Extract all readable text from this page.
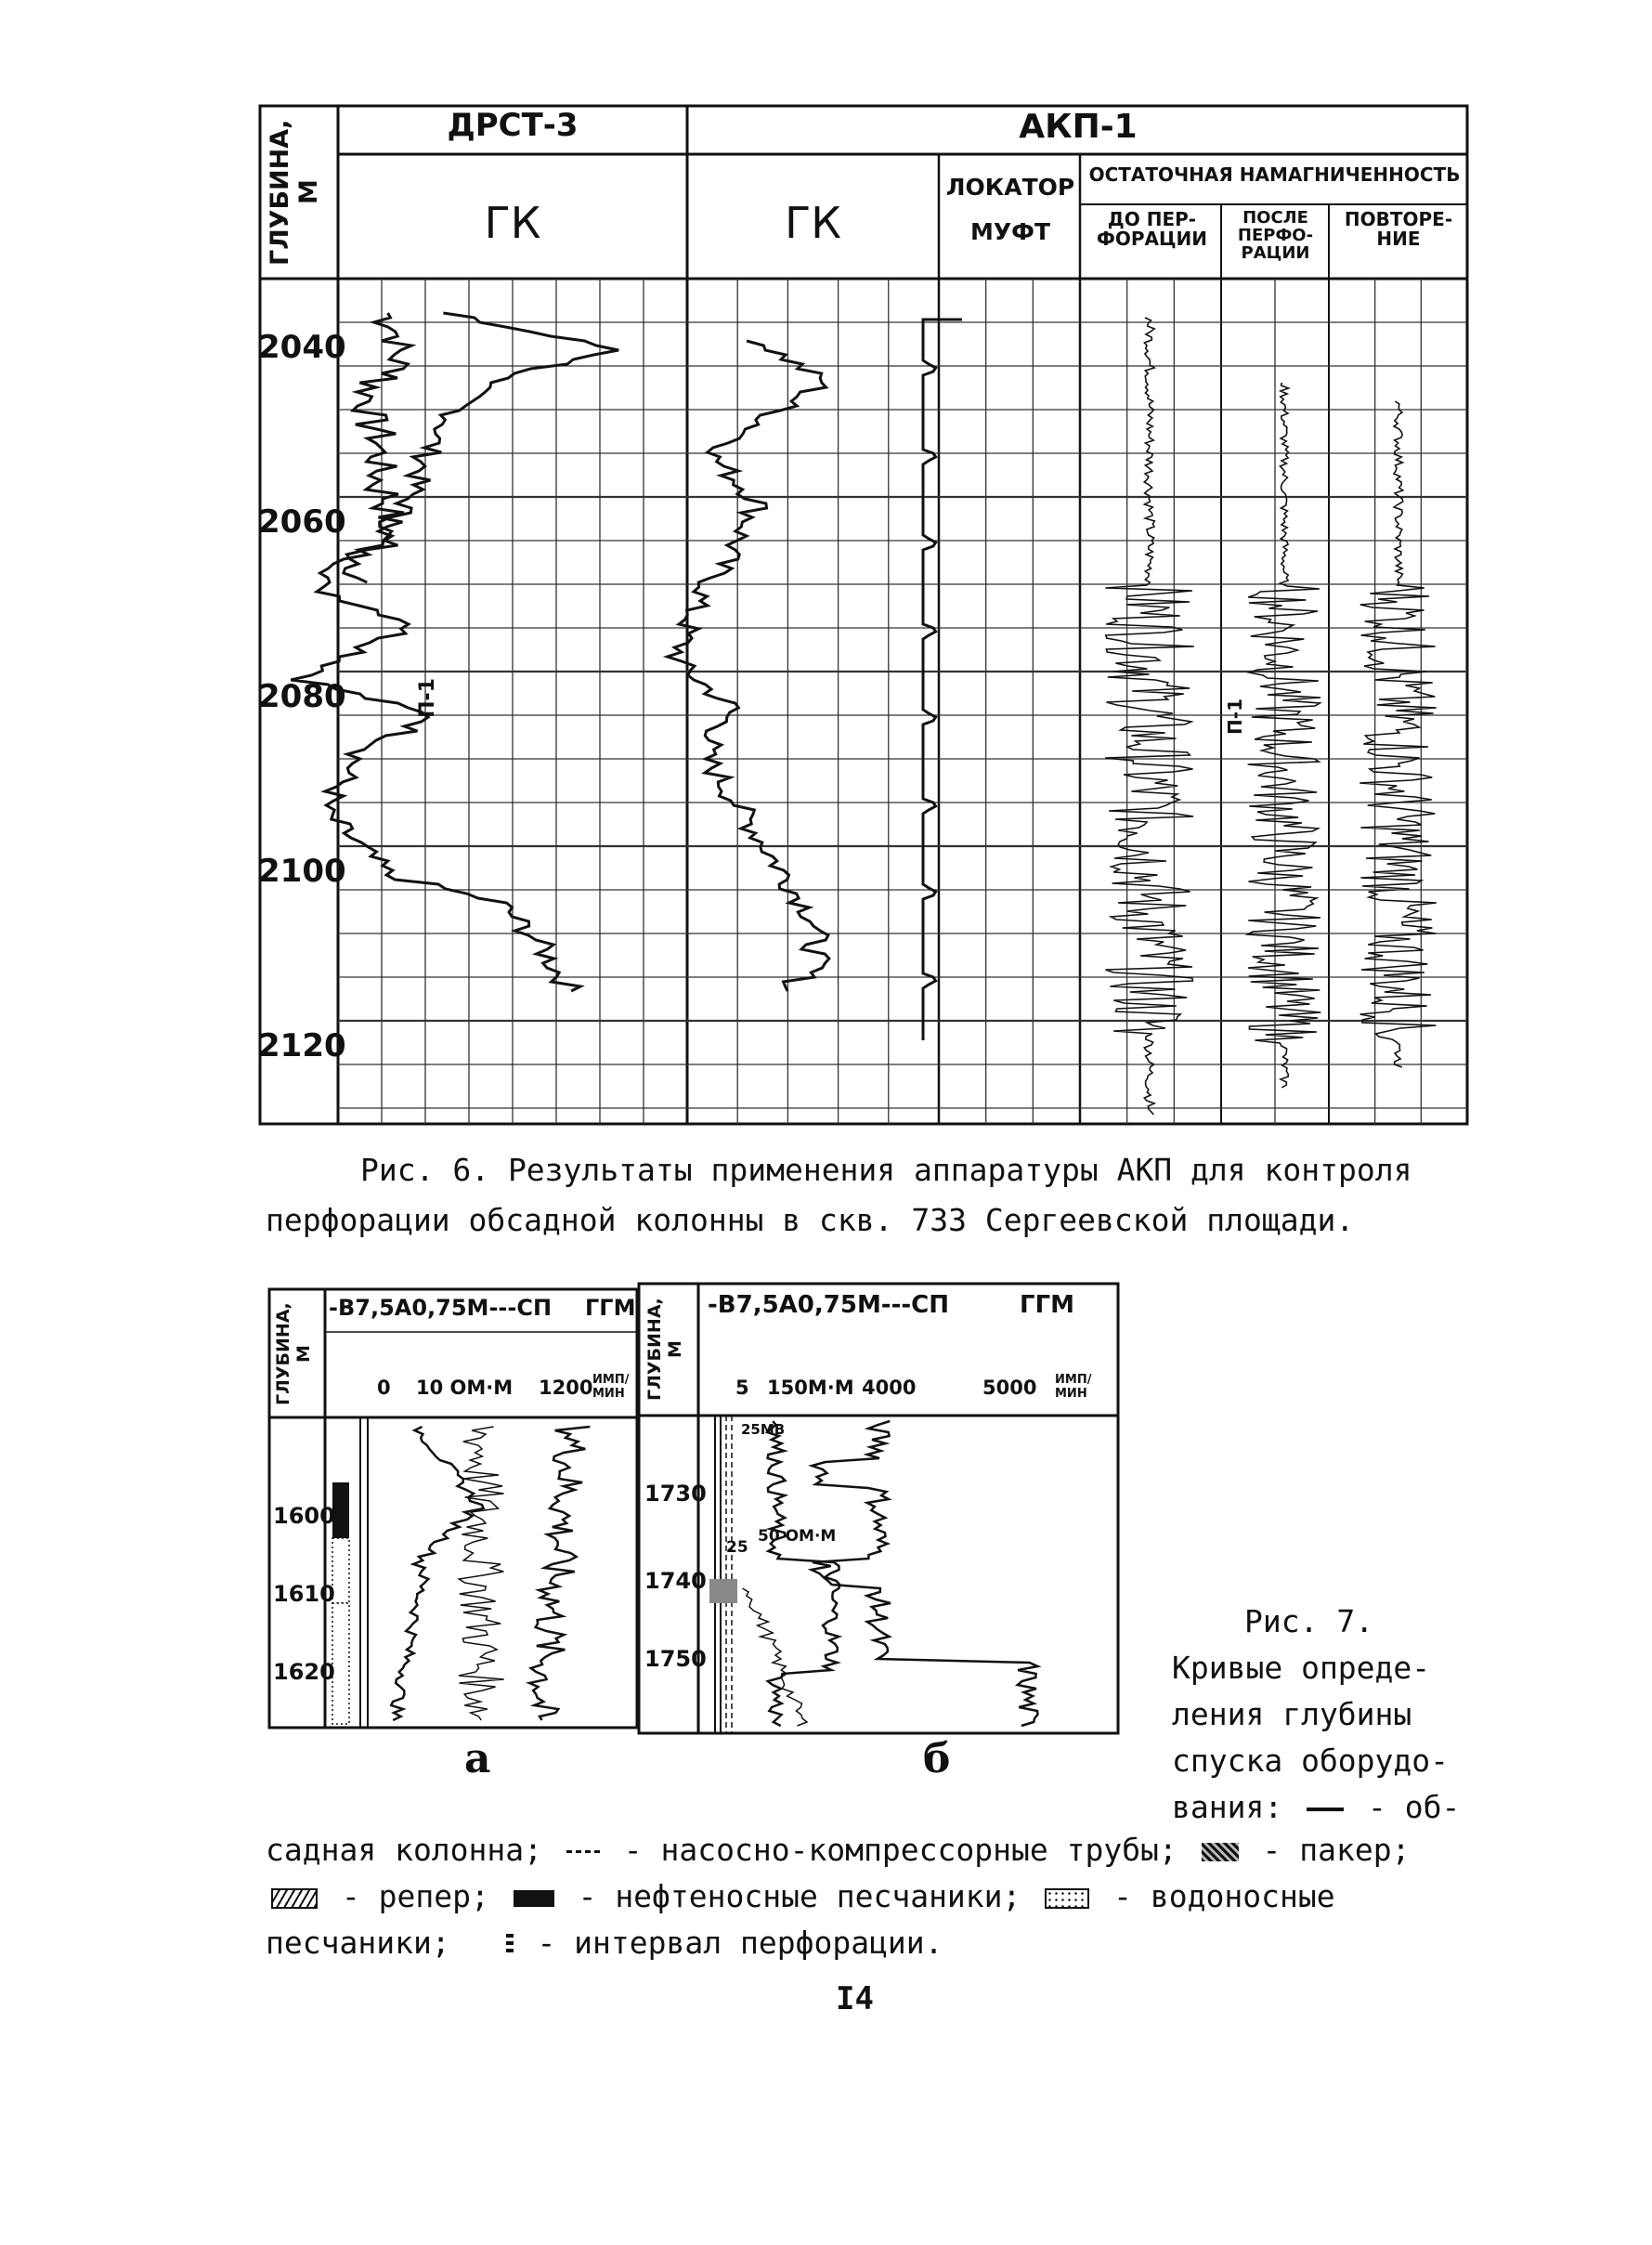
ГЛУБИНА, М
ДРСТ-3	АКП-1
ГК	ГК
ЛОКАТОР МУФТ
ОСТАТОЧНАЯ НАМАГНИЧЕННОСТЬ
ДО ПЕР-ФОРАЦИИ
ПОСЛЕ ПЕРФО-РАЦИИ
ПОВТОРЕ-НИЕ
2040
2060
2080
2100
2120
П-1	П-1
Рис. 6. Результаты применения аппаратуры АКП для контроля
перфорации обсадной колонны в скв. 733 Сергеевской площади.
ГЛУБИНА, М
-В7,5А0,75М---СП ГГМ
0 10 ОМ·М 1200 ИМП/МИН
1600
1610
1620
а
ГЛУБИНА, М
-В7,5А0,75М---СП	ГГМ
5 150М·М 4000	5000 ИМП/МИН
1730
1740
1750
25МВ
25
50 ОМ·М
б
Рис. 7.
Кривые опреде-
ления глубины
спуска оборудо-
вания:	- об-
садная колонна;	- насосно-компрессорные трубы;	- пакер;
- репер;	- нефтеносные песчаники;	- водоносные
песчаники;	- интервал перфорации.
I4
